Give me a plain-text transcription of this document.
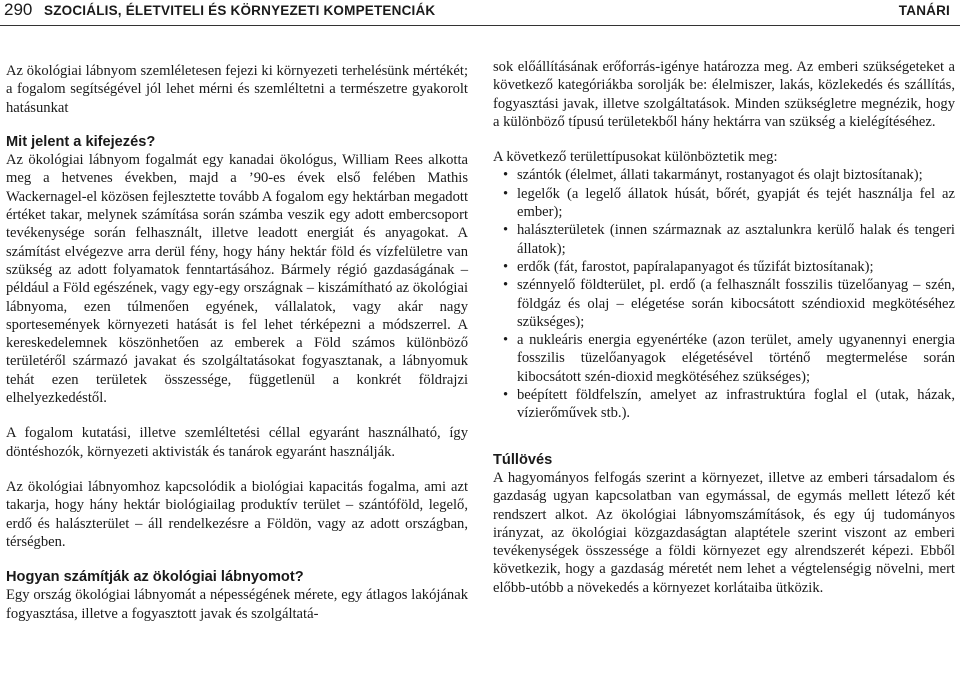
290 SZOCIÁLIS, ÉLETVITELI ÉS KÖRNYEZETI KOMPETENCIÁK	TANÁRI

Az ökológiai lábnyom szemléletesen fejezi ki környezeti terhelésünk mértékét; a fogalom segítségével jól lehet mérni és szemléltetni a természetre gyakorolt hatásunkat

Mit jelent a kifejezés?

Az ökológiai lábnyom fogalmát egy kanadai ökológus, William Rees alkotta meg a hetvenes években, majd a ’90-es évek első felében Mathis Wackernagel-el közösen fejlesztette tovább A fogalom egy hektárban megadott értéket takar, melynek számítása során számba veszik egy adott embercsoport tevékenysége során felhasznált, illetve leadott energiát és anyagokat. A számítást elvégezve arra derül fény, hogy hány hektár föld és vízfelületre van szükség az adott folyamatok fenntartásához. Bármely régió gazdaságának – például a Föld egészének, vagy egy-egy országnak – kiszámítható az ökológiai lábnyoma, ezen túlmenően egyének, vállalatok, vagy akár nagy sportesemények környezeti hatását is fel lehet térképezni a módszerrel. A kereskedelemnek köszönhetően az emberek a Föld számos különböző területéről származó javakat és szolgáltatásokat fogyasztanak, a lábnyomuk tehát ezen területek összessége, függetlenül a konkrét földrajzi elhelyezkedéstől.

A fogalom kutatási, illetve szemléltetési céllal egyaránt használható, így döntéshozók, környezeti aktivisták és tanárok egyaránt használják.

Az ökológiai lábnyomhoz kapcsolódik a biológiai kapacitás fogalma, ami azt takarja, hogy hány hektár biológiailag produktív terület – szántóföld, legelő, erdő és halászterület – áll rendelkezésre a Földön, vagy az adott országban, térségben.

Hogyan számítják az ökológiai lábnyomot?

Egy ország ökológiai lábnyomát a népességének mérete, egy átlagos lakójának fogyasztása, illetve a fogyasztott javak és szolgáltatá-

sok előállításának erőforrás-igénye határozza meg. Az emberi szükségeteket a következő kategóriákba sorolják be: élelmiszer, lakás, közlekedés és szállítás, fogyasztási javak, illetve szolgáltatások. Minden szükségletre megnézik, hogy a különböző típusú területekből hány hektárra van szükség a kielégítéséhez.

A következő területtípusokat különböztetik meg:

• szántók (élelmet, állati takarmányt, rostanyagot és olajt biztosítanak);
• legelők (a legelő állatok húsát, bőrét, gyapját és tejét használja fel az ember);
• halászterületek (innen származnak az asztalunkra kerülő halak és tengeri állatok);
• erdők (fát, farostot, papíralapanyagot és tűzifát biztosítanak);
• szénnyelő földterület, pl. erdő (a felhasznált fosszilis tüzelőanyag – szén, földgáz és olaj – elégetése során kibocsátott széndioxid megkötéséhez szükséges);
• a nukleáris energia egyenértéke (azon terület, amely ugyanennyi energia fosszilis tüzelőanyagok elégetésével történő megtermelése során kibocsátott szén-dioxid megkötéséhez szükséges);
• beépített földfelszín, amelyet az infrastruktúra foglal el (utak, házak, vízierőművek stb.).
Túllövés

A hagyományos felfogás szerint a környezet, illetve az emberi társadalom és gazdaság ugyan kapcsolatban van egymással, de egymás mellett létező két rendszert alkot. Az ökológiai lábnyomszámítások, és egy új tudományos irányzat, az ökológiai közgazdaságtan alaptétele szerint viszont az emberi tevékenységek összessége a földi környezet egy alrendszerét képezi. Ebből következik, hogy a gazdaság méretét nem lehet a végtelenségig növelni, mert előbb-utóbb a növekedés a környezet korlátaiba ütközik.
